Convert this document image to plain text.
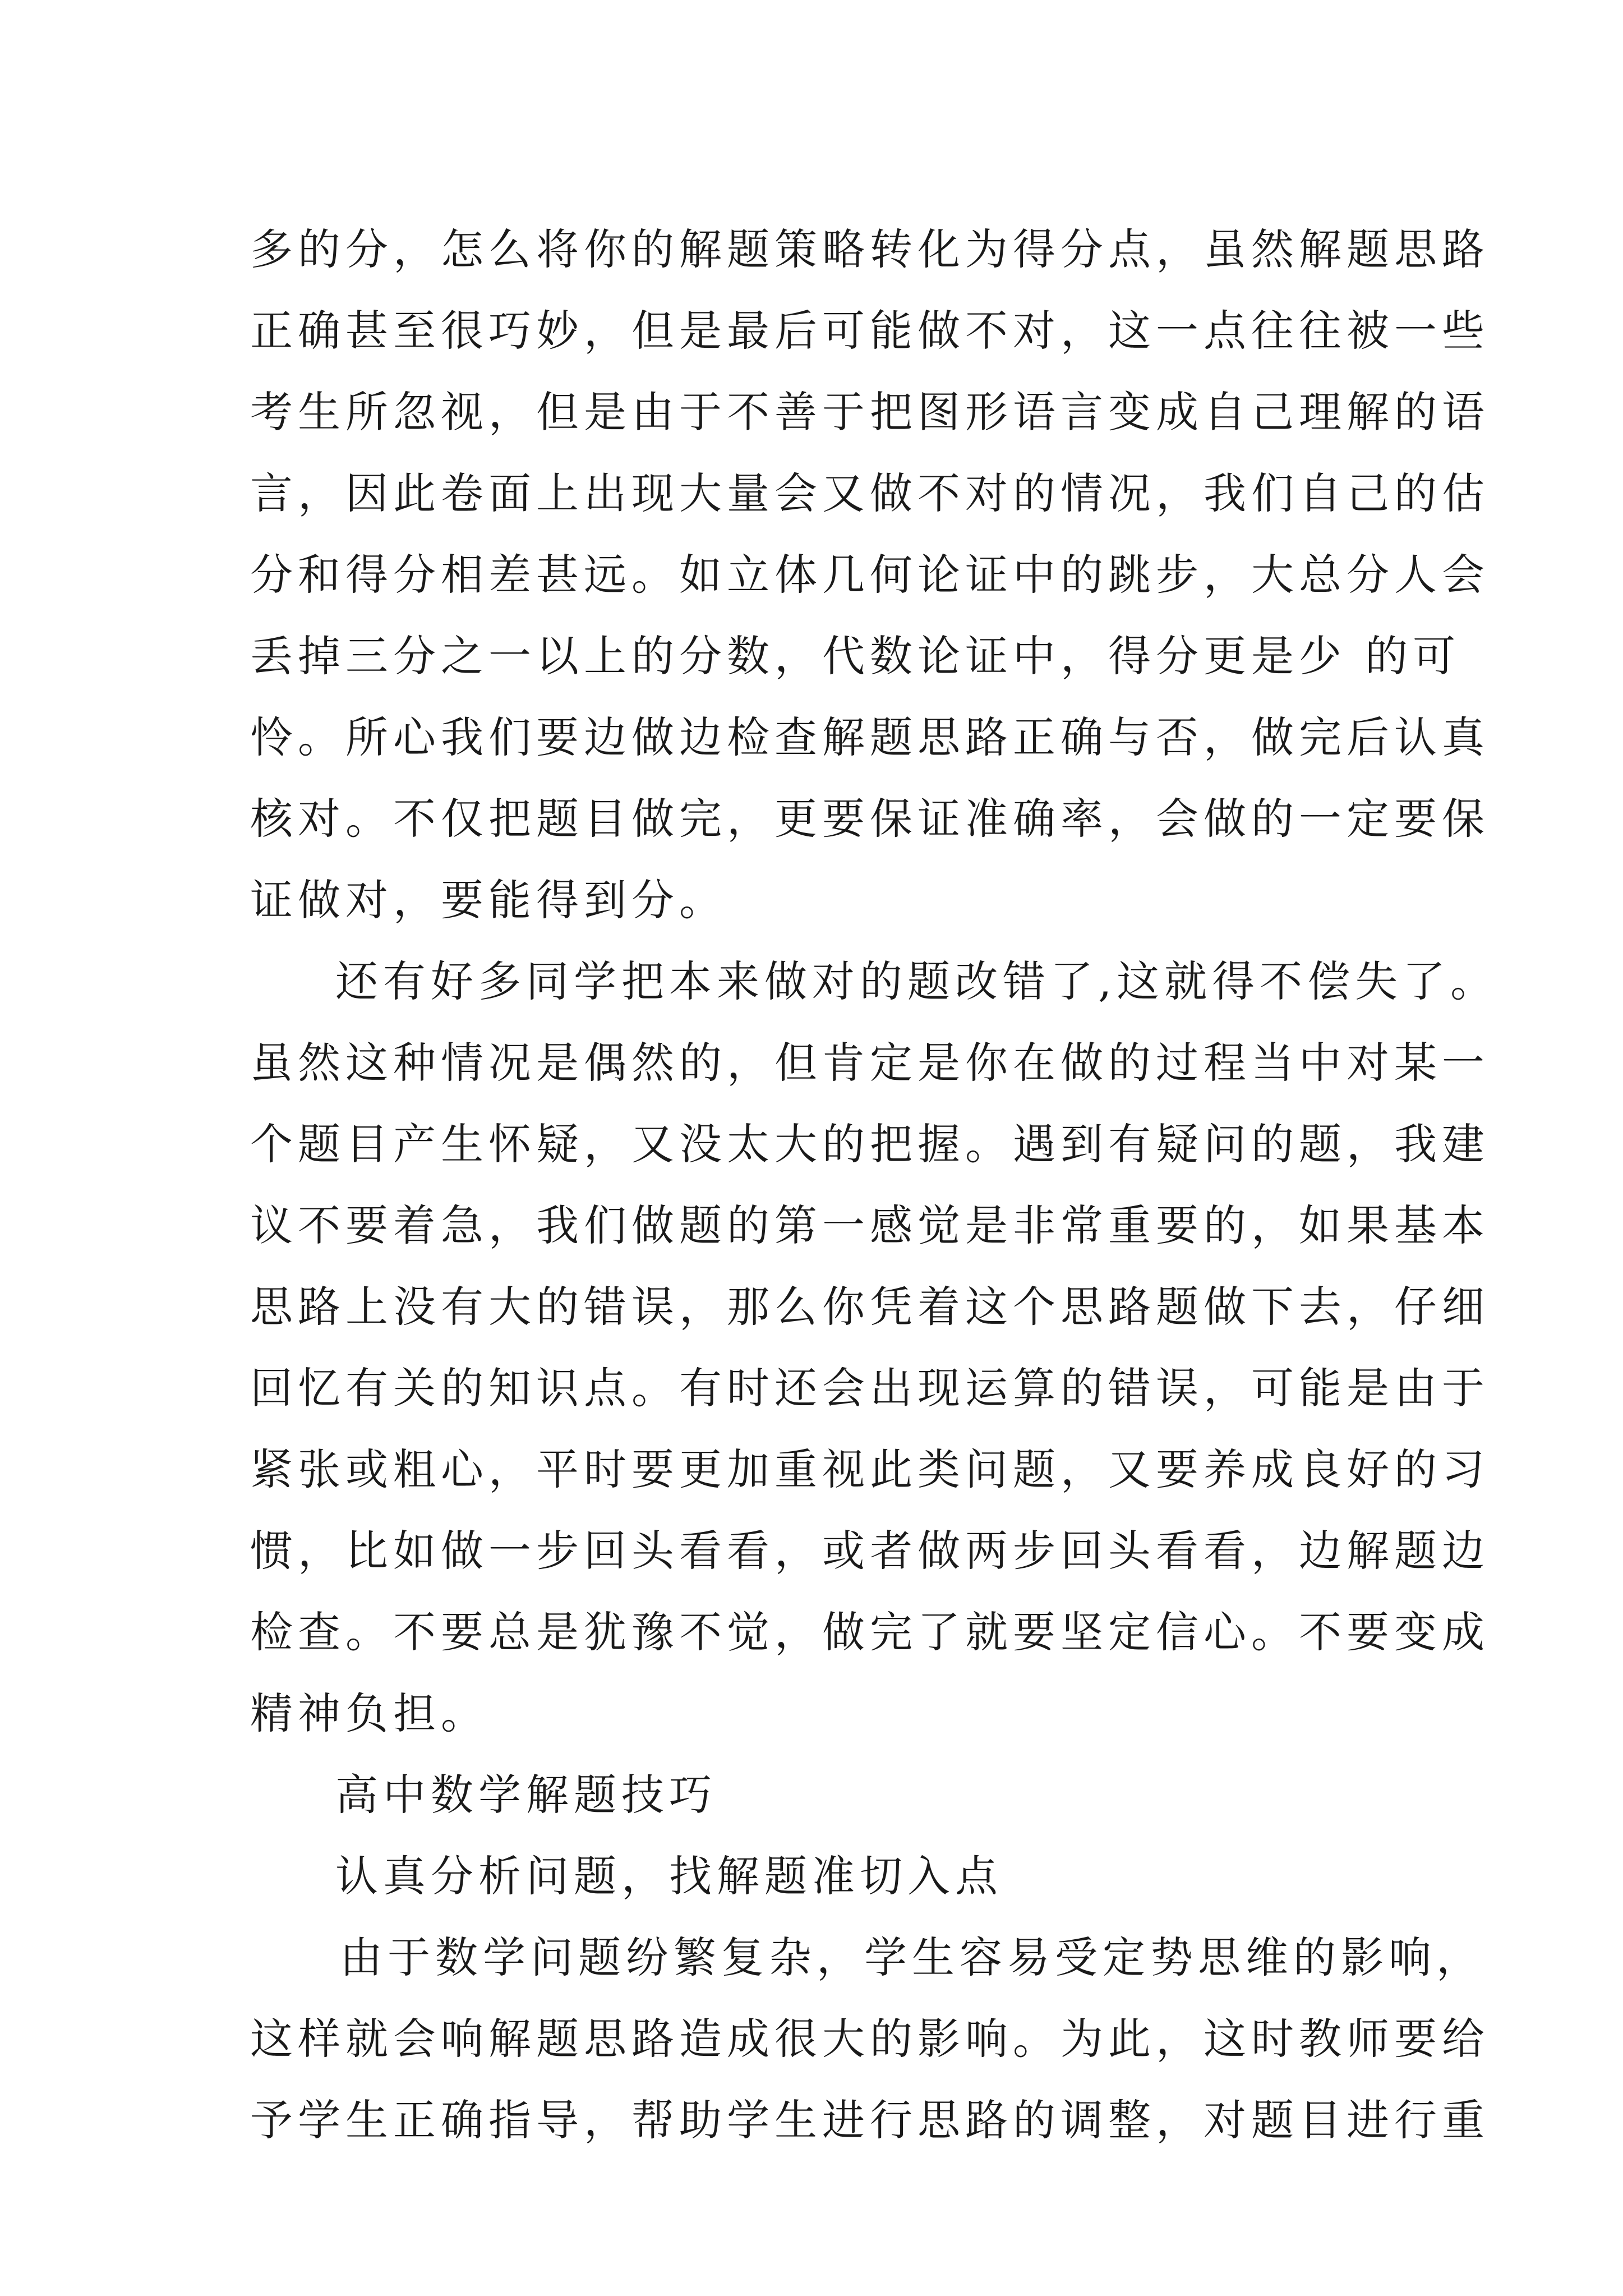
多的分，怎么将你的解题策略转化为得分点，虽然解题思路
正确甚至很巧妙，但是最后可能做不对，这一点往往被一些
考生所忽视，但是由于不善于把图形语言变成自己理解的语
言，因此卷面上出现大量会又做不对的情况，我们自己的估
分和得分相差甚远。如立体几何论证中的跳步，大总分人会
丢掉三分之一以上的分数，代数论证中，得分更是少 的可
怜。所心我们要边做边检查解题思路正确与否，做完后认真
核对。不仅把题目做完，更要保证准确率，会做的一定要保
证做对，要能得到分。
还有好多同学把本来做对的题改错了,这就得不偿失了。
虽然这种情况是偶然的，但肯定是你在做的过程当中对某一
个题目产生怀疑，又没太大的把握。遇到有疑问的题，我建
议不要着急，我们做题的第一感觉是非常重要的，如果基本
思路上没有大的错误，那么你凭着这个思路题做下去，仔细
回忆有关的知识点。有时还会出现运算的错误，可能是由于
紧张或粗心，平时要更加重视此类问题，又要养成良好的习
惯，比如做一步回头看看，或者做两步回头看看，边解题边
检查。不要总是犹豫不觉，做完了就要坚定信心。不要变成
精神负担。
高中数学解题技巧
认真分析问题，找解题准切入点
由于数学问题纷繁复杂，学生容易受定势思维的影响，
这样就会响解题思路造成很大的影响。为此，这时教师要给
予学生正确指导，帮助学生进行思路的调整，对题目进行重
